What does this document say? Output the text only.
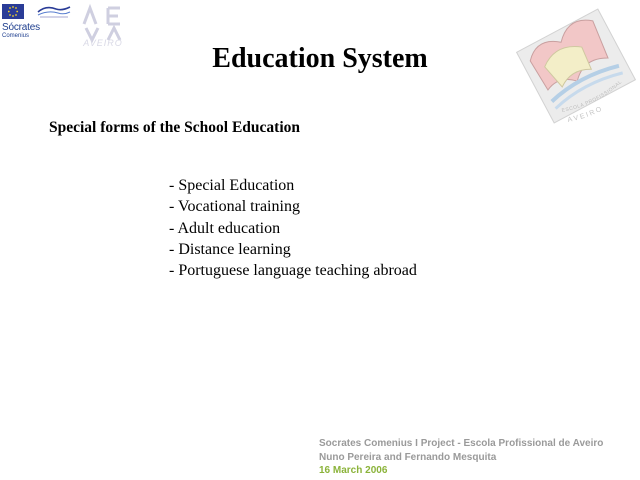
Sócrates
Comenius
AVEIRO
ESCOLA PROFISSIONAL
A V E I R O
Education System
Special forms of the School Education
- Special Education
- Vocational training
- Adult education
- Distance learning
- Portuguese language teaching abroad
Socrates Comenius I Project - Escola Profissional de Aveiro
Nuno Pereira and Fernando Mesquita
16 March 2006
